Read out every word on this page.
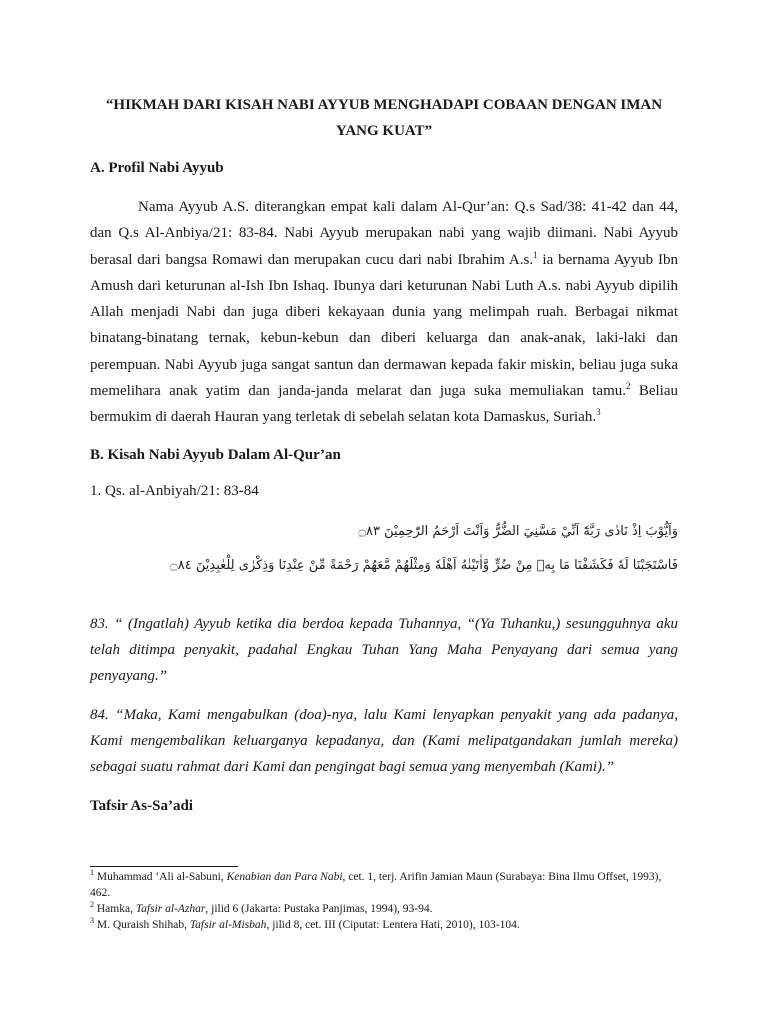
“HIKMAH DARI KISAH NABI AYYUB MENGHADAPI COBAAN DENGAN IMAN YANG KUAT”

A. Profil Nabi Ayyub

Nama Ayyub A.S. diterangkan empat kali dalam Al-Qur’an: Q.s Sad/38: 41-42 dan 44, dan Q.s Al-Anbiya/21: 83-84. Nabi Ayyub merupakan nabi yang wajib diimani. Nabi Ayyub berasal dari bangsa Romawi dan merupakan cucu dari nabi Ibrahim A.s.$^1$ ia bernama Ayyub Ibn Amush dari keturunan al-Ish Ibn Ishaq. Ibunya dari keturunan Nabi Luth A.s. nabi Ayyub dipilih Allah menjadi Nabi dan juga diberi kekayaan dunia yang melimpah ruah. Berbagai nikmat binatang-binatang ternak, kebun-kebun dan diberi keluarga dan anak-anak, laki-laki dan perempuan. Nabi Ayyub juga sangat santun dan dermawan kepada fakir miskin, beliau juga suka memelihara anak yatim dan janda-janda melarat dan juga suka memuliakan tamu.$^2$ Beliau bermukim di daerah Hauran yang terletak di sebelah selatan kota Damaskus, Suriah.$^3$

B. Kisah Nabi Ayyub Dalam Al-Qur’an

1. Qs. al-Anbiyah/21: 83-84

وَاَيُّوْبَ اِذْ نَادٰى رَبَّهٗٓ اَنِّيْ مَسَّنِيَ الضُّرُّ وَاَنْتَ اَرْحَمُ الرّٰحِمِيْنَ ۝٨٣

فَاسْتَجَبْنَا لَهٗ فَكَشَفْنَا مَا بِهٖ مِنْ ضُرٍّ وَّاٰتَيْنٰهُ اَهْلَهٗ وَمِثْلَهُمْ مَّعَهُمْ رَحْمَةً مِّنْ عِنْدِنَا وَذِكْرٰى لِلْعٰبِدِيْنَ ۝٨٤

83. “ (Ingatlah) Ayyub ketika dia berdoa kepada Tuhannya, “(Ya Tuhanku,) sesungguhnya aku telah ditimpa penyakit, padahal Engkau Tuhan Yang Maha Penyayang dari semua yang penyayang.”

84. “Maka, Kami mengabulkan (doa)-nya, lalu Kami lenyapkan penyakit yang ada padanya, Kami mengembalikan keluarganya kepadanya, dan (Kami melipatgandakan jumlah mereka) sebagai suatu rahmat dari Kami dan pengingat bagi semua yang menyembah (Kami).”

Tafsir As-Sa’adi

$^1$ Muhammad ‘Ali al-Sabuni, Kenabian dan Para Nabi, cet. 1, terj. Arifin Jamian Maun (Surabaya: Bina Ilmu Offset, 1993), 462.

$^2$ Hamka, Tafsir al-Azhar, jilid 6 (Jakarta: Pustaka Panjimas, 1994), 93-94.

$^3$ M. Quraish Shihab, Tafsir al-Misbah, jilid 8, cet. III (Ciputat: Lentera Hati, 2010), 103-104.
